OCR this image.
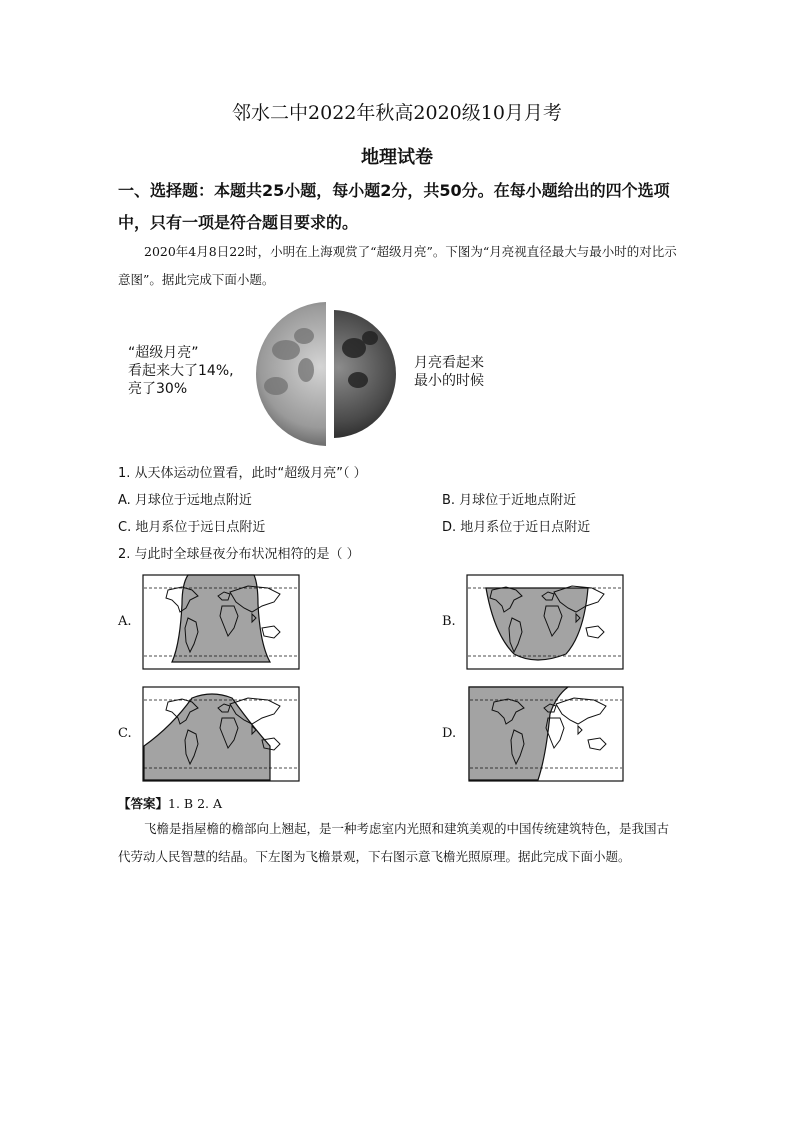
邻水二中2022年秋高2020级10月月考
地理试卷
一、选择题：本题共25小题，每小题2分，共50分。在每小题给出的四个选项中，只有一项是符合题目要求的。
2020年4月8日22时，小明在上海观赏了“超级月亮”。下图为“月亮视直径最大与最小时的对比示意图”。据此完成下面小题。
“超级月亮”
看起来大了14%,
亮了30%
月亮看起来
最小的时候
1. 从天体运动位置看，此时“超级月亮”（ ）
A. 月球位于远地点附近	B. 月球位于近地点附近
C. 地月系位于远日点附近	D. 地月系位于近日点附近
2. 与此时全球昼夜分布状况相符的是（ ）
A.	B.
C.	D.
【答案】1. B 2. A
飞檐是指屋檐的檐部向上翘起，是一种考虑室内光照和建筑美观的中国传统建筑特色，是我国古代劳动人民智慧的结晶。下左图为飞檐景观，下右图示意飞檐光照原理。据此完成下面小题。
